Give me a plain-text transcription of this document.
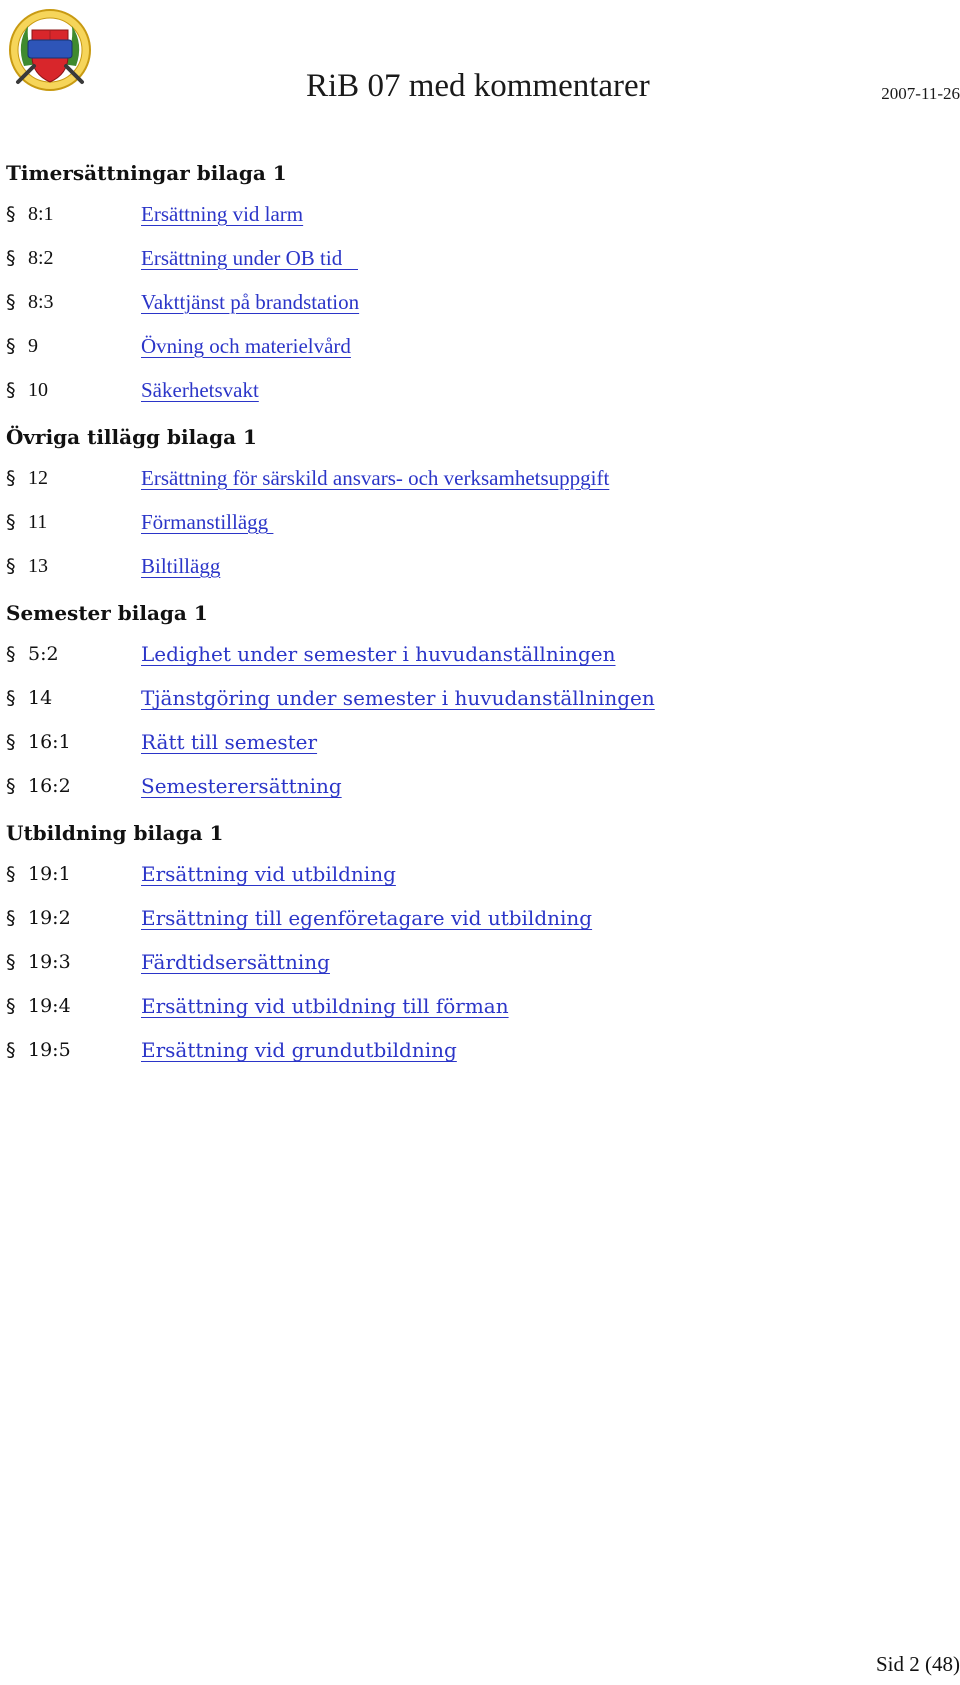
RiB 07 med kommentarer	2007-11-26
Timersättningar bilaga 1
§ 8:1	Ersättning vid larm
§ 8:2	Ersättning under OB tid
§ 8:3	Vakttjänst på brandstation
§ 9	Övning och materielvård
§ 10	Säkerhetsvakt
Övriga tillägg bilaga 1
§ 12	Ersättning för särskild ansvars- och verksamhetsuppgift
§ 11	Förmanstillägg
§ 13	Biltillägg
Semester bilaga 1
§ 5:2	Ledighet under semester i huvudanställningen
§ 14	Tjänstgöring under semester i huvudanställningen
§ 16:1	Rätt till semester
§ 16:2	Semesterersättning
Utbildning bilaga 1
§ 19:1	Ersättning vid utbildning
§ 19:2	Ersättning till egenföretagare vid utbildning
§ 19:3	Färdtidsersättning
§ 19:4	Ersättning vid utbildning till förman
§ 19:5	Ersättning vid grundutbildning
Sid 2 (48)
